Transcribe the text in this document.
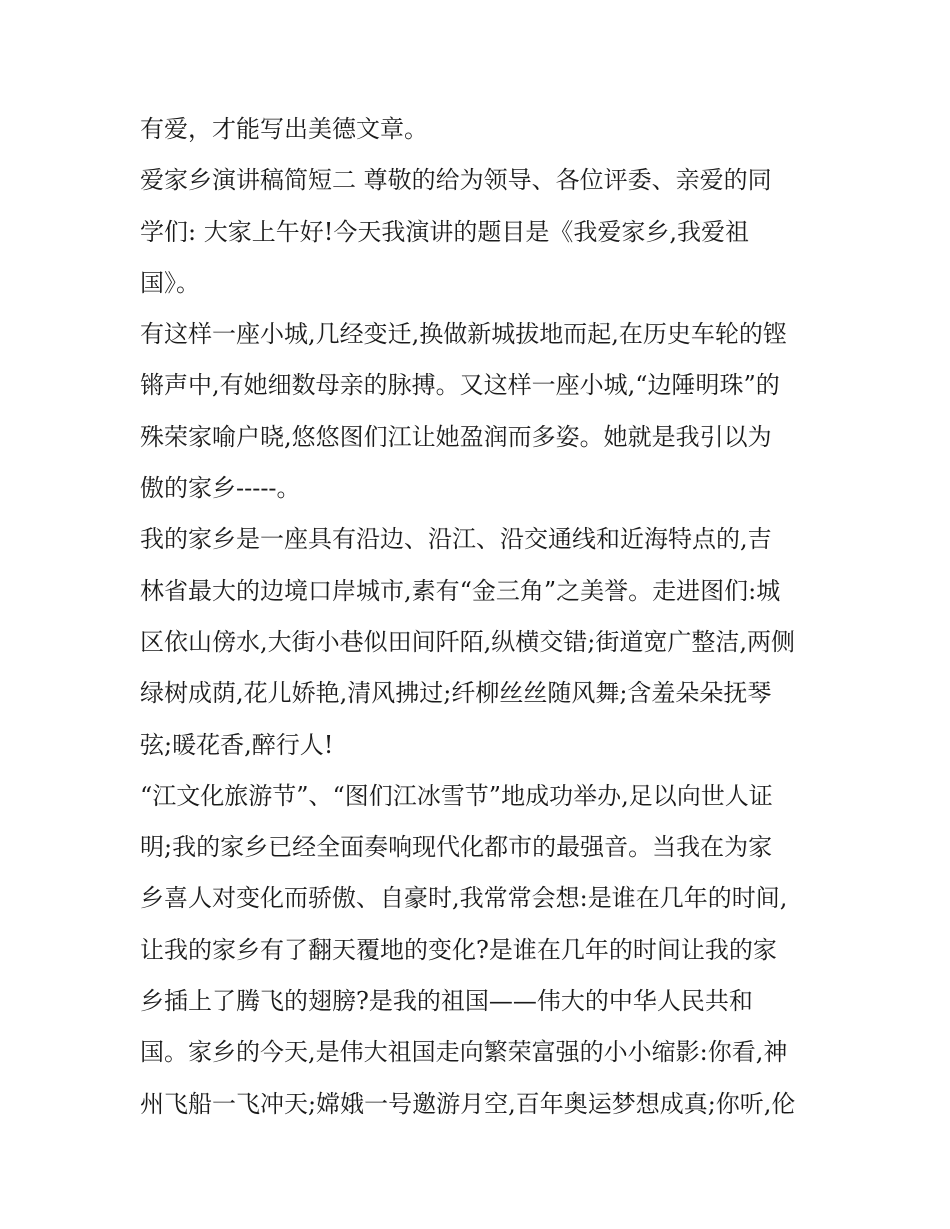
有爱，才能写出美德文章。
爱家乡演讲稿简短二 尊敬的给为领导、各位评委、亲爱的同
学们: 大家上午好!今天我演讲的题目是《我爱家乡,我爱祖
国》。
有这样一座小城,几经变迁,换做新城拔地而起,在历史车轮的铿
锵声中,有她细数母亲的脉搏。又这样一座小城,“边陲明珠”的
殊荣家喻户晓,悠悠图们江让她盈润而多姿。她就是我引以为
傲的家乡-----。
我的家乡是一座具有沿边、沿江、沿交通线和近海特点的,吉
林省最大的边境口岸城市,素有“金三角”之美誉。走进图们:城
区依山傍水,大街小巷似田间阡陌,纵横交错;街道宽广整洁,两侧
绿树成荫,花儿娇艳,清风拂过;纤柳丝丝随风舞;含羞朵朵抚琴
弦;暖花香,醉行人!
“江文化旅游节”、“图们江冰雪节”地成功举办,足以向世人证
明;我的家乡已经全面奏响现代化都市的最强音。当我在为家
乡喜人对变化而骄傲、自豪时,我常常会想:是谁在几年的时间,
让我的家乡有了翻天覆地的变化?是谁在几年的时间让我的家
乡插上了腾飞的翅膀?是我的祖国——伟大的中华人民共和
国。家乡的今天,是伟大祖国走向繁荣富强的小小缩影:你看,神
州飞船一飞冲天;嫦娥一号邀游月空,百年奥运梦想成真;你听,伦
